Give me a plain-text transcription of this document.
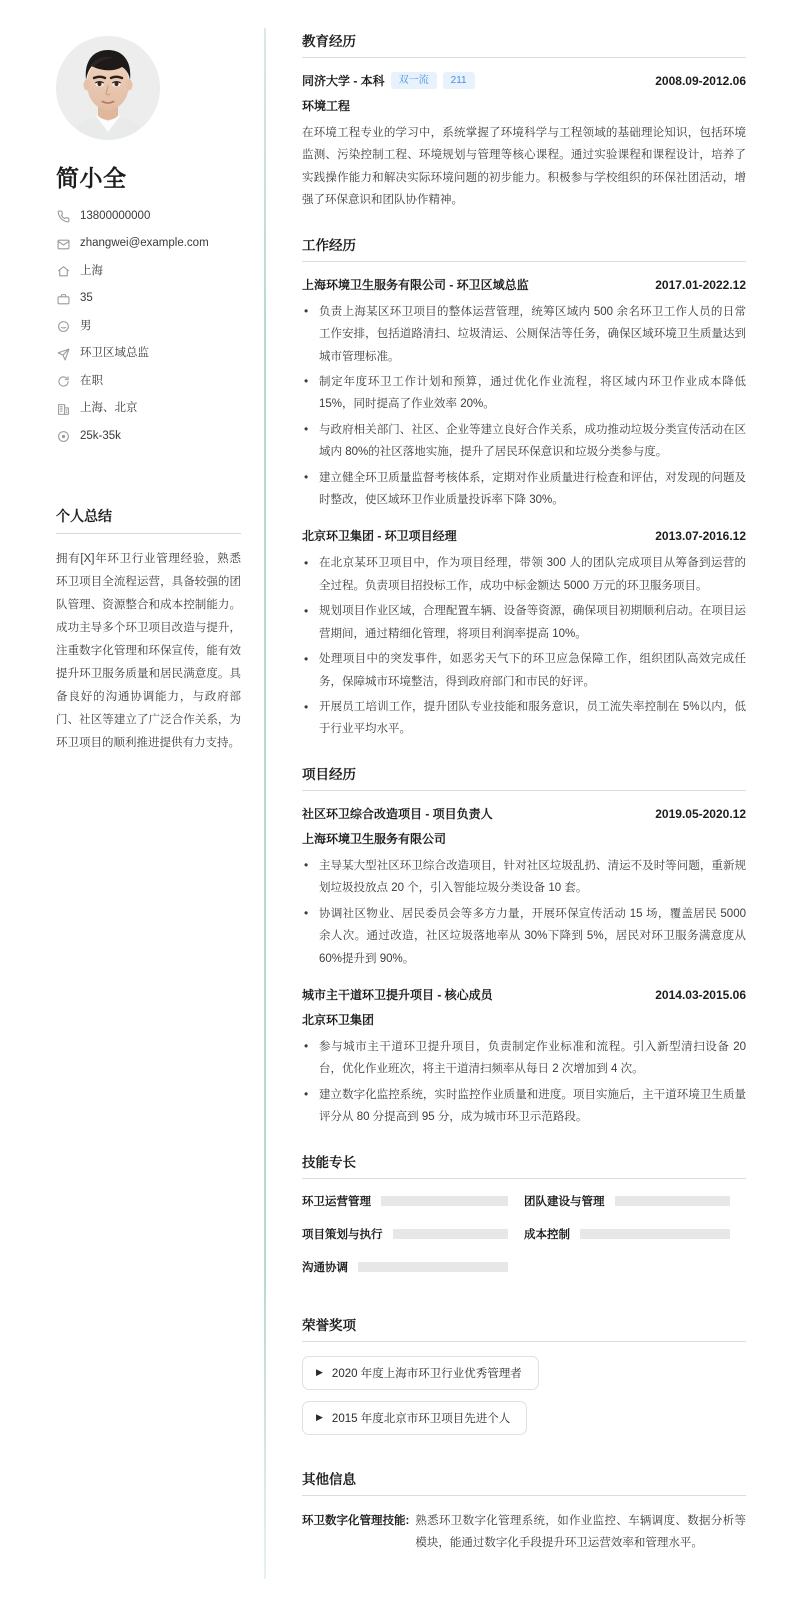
简小全
13800000000
zhangwei@example.com
上海
35
男
环卫区域总监
在职
上海、北京
25k-35k
个人总结

拥有[X]年环卫行业管理经验，熟悉环卫项目全流程运营，具备较强的团队管理、资源整合和成本控制能力。成功主导多个环卫项目改造与提升，注重数字化管理和环保宣传，能有效提升环卫服务质量和居民满意度。具备良好的沟通协调能力，与政府部门、社区等建立了广泛合作关系，为环卫项目的顺利推进提供有力支持。

教育经历
同济大学 - 本科	双一流	211	2008.09-2012.06
环境工程

在环境工程专业的学习中，系统掌握了环境科学与工程领域的基础理论知识，包括环境监测、污染控制工程、环境规划与管理等核心课程。通过实验课程和课程设计，培养了实践操作能力和解决实际环境问题的初步能力。积极参与学校组织的环保社团活动，增强了环保意识和团队协作精神。

工作经历
上海环境卫生服务有限公司 - 环卫区域总监	2017.01-2022.12
• 负责上海某区环卫项目的整体运营管理，统筹区域内 500 余名环卫工作人员的日常工作安排，包括道路清扫、垃圾清运、公厕保洁等任务，确保区域环境卫生质量达到城市管理标准。
• 制定年度环卫工作计划和预算，通过优化作业流程，将区域内环卫作业成本降低 15%，同时提高了作业效率 20%。
• 与政府相关部门、社区、企业等建立良好合作关系，成功推动垃圾分类宣传活动在区域内 80%的社区落地实施，提升了居民环保意识和垃圾分类参与度。
• 建立健全环卫质量监督考核体系，定期对作业质量进行检查和评估，对发现的问题及时整改，使区域环卫作业质量投诉率下降 30%。
北京环卫集团 - 环卫项目经理	2013.07-2016.12
• 在北京某环卫项目中，作为项目经理，带领 300 人的团队完成项目从筹备到运营的全过程。负责项目招投标工作，成功中标金额达 5000 万元的环卫服务项目。
• 规划项目作业区域，合理配置车辆、设备等资源，确保项目初期顺利启动。在项目运营期间，通过精细化管理，将项目利润率提高 10%。
• 处理项目中的突发事件，如恶劣天气下的环卫应急保障工作，组织团队高效完成任务，保障城市环境整洁，得到政府部门和市民的好评。
• 开展员工培训工作，提升团队专业技能和服务意识，员工流失率控制在 5%以内，低于行业平均水平。
项目经历
社区环卫综合改造项目 - 项目负责人	2019.05-2020.12
上海环境卫生服务有限公司
• 主导某大型社区环卫综合改造项目，针对社区垃圾乱扔、清运不及时等问题，重新规划垃圾投放点 20 个，引入智能垃圾分类设备 10 套。
• 协调社区物业、居民委员会等多方力量，开展环保宣传活动 15 场，覆盖居民 5000 余人次。通过改造，社区垃圾落地率从 30%下降到 5%，居民对环卫服务满意度从 60%提升到 90%。
城市主干道环卫提升项目 - 核心成员	2014.03-2015.06
北京环卫集团
• 参与城市主干道环卫提升项目，负责制定作业标准和流程。引入新型清扫设备 20 台，优化作业班次，将主干道清扫频率从每日 2 次增加到 4 次。
• 建立数字化监控系统，实时监控作业质量和进度。项目实施后，主干道环境卫生质量评分从 80 分提高到 95 分，成为城市环卫示范路段。
技能专长
环卫运营管理	团队建设与管理
项目策划与执行	成本控制
沟通协调
荣誉奖项
▶ 2020 年度上海市环卫行业优秀管理者
▶ 2015 年度北京市环卫项目先进个人
其他信息
环卫数字化管理技能: 熟悉环卫数字化管理系统，如作业监控、车辆调度、数据分析等模块，能通过数字化手段提升环卫运营效率和管理水平。
